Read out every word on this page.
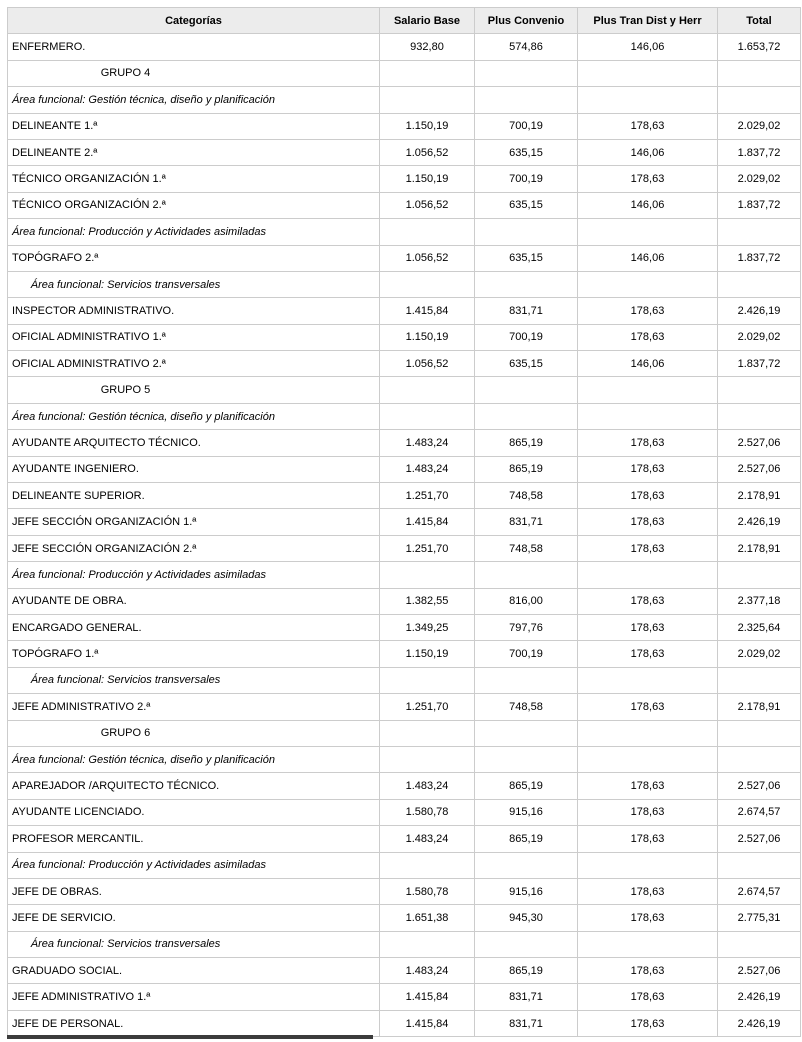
Categorías	Salario Base	Plus Convenio	Plus Tran Dist y Herr	Total
ENFERMERO.	932,80	574,86	146,06	1.653,72
GRUPO 4				
Área funcional: Gestión técnica, diseño y planificación				
DELINEANTE 1.ª	1.150,19	700,19	178,63	2.029,02
DELINEANTE 2.ª	1.056,52	635,15	146,06	1.837,72
TÉCNICO ORGANIZACIÓN 1.ª	1.150,19	700,19	178,63	2.029,02
TÉCNICO ORGANIZACIÓN 2.ª	1.056,52	635,15	146,06	1.837,72
Área funcional: Producción y Actividades asimiladas				
TOPÓGRAFO 2.ª	1.056,52	635,15	146,06	1.837,72
Área funcional: Servicios transversales				
INSPECTOR ADMINISTRATIVO.	1.415,84	831,71	178,63	2.426,19
OFICIAL ADMINISTRATIVO 1.ª	1.150,19	700,19	178,63	2.029,02
OFICIAL ADMINISTRATIVO 2.ª	1.056,52	635,15	146,06	1.837,72
GRUPO 5				
Área funcional: Gestión técnica, diseño y planificación				
AYUDANTE ARQUITECTO TÉCNICO.	1.483,24	865,19	178,63	2.527,06
AYUDANTE INGENIERO.	1.483,24	865,19	178,63	2.527,06
DELINEANTE SUPERIOR.	1.251,70	748,58	178,63	2.178,91
JEFE SECCIÓN ORGANIZACIÓN 1.ª	1.415,84	831,71	178,63	2.426,19
JEFE SECCIÓN ORGANIZACIÓN 2.ª	1.251,70	748,58	178,63	2.178,91
Área funcional: Producción y Actividades asimiladas				
AYUDANTE DE OBRA.	1.382,55	816,00	178,63	2.377,18
ENCARGADO GENERAL.	1.349,25	797,76	178,63	2.325,64
TOPÓGRAFO 1.ª	1.150,19	700,19	178,63	2.029,02
Área funcional: Servicios transversales				
JEFE ADMINISTRATIVO 2.ª	1.251,70	748,58	178,63	2.178,91
GRUPO 6				
Área funcional: Gestión técnica, diseño y planificación				
APAREJADOR /ARQUITECTO TÉCNICO.	1.483,24	865,19	178,63	2.527,06
AYUDANTE LICENCIADO.	1.580,78	915,16	178,63	2.674,57
PROFESOR MERCANTIL.	1.483,24	865,19	178,63	2.527,06
Área funcional: Producción y Actividades asimiladas				
JEFE DE OBRAS.	1.580,78	915,16	178,63	2.674,57
JEFE DE SERVICIO.	1.651,38	945,30	178,63	2.775,31
Área funcional: Servicios transversales				
GRADUADO SOCIAL.	1.483,24	865,19	178,63	2.527,06
JEFE ADMINISTRATIVO 1.ª	1.415,84	831,71	178,63	2.426,19
JEFE DE PERSONAL.	1.415,84	831,71	178,63	2.426,19
